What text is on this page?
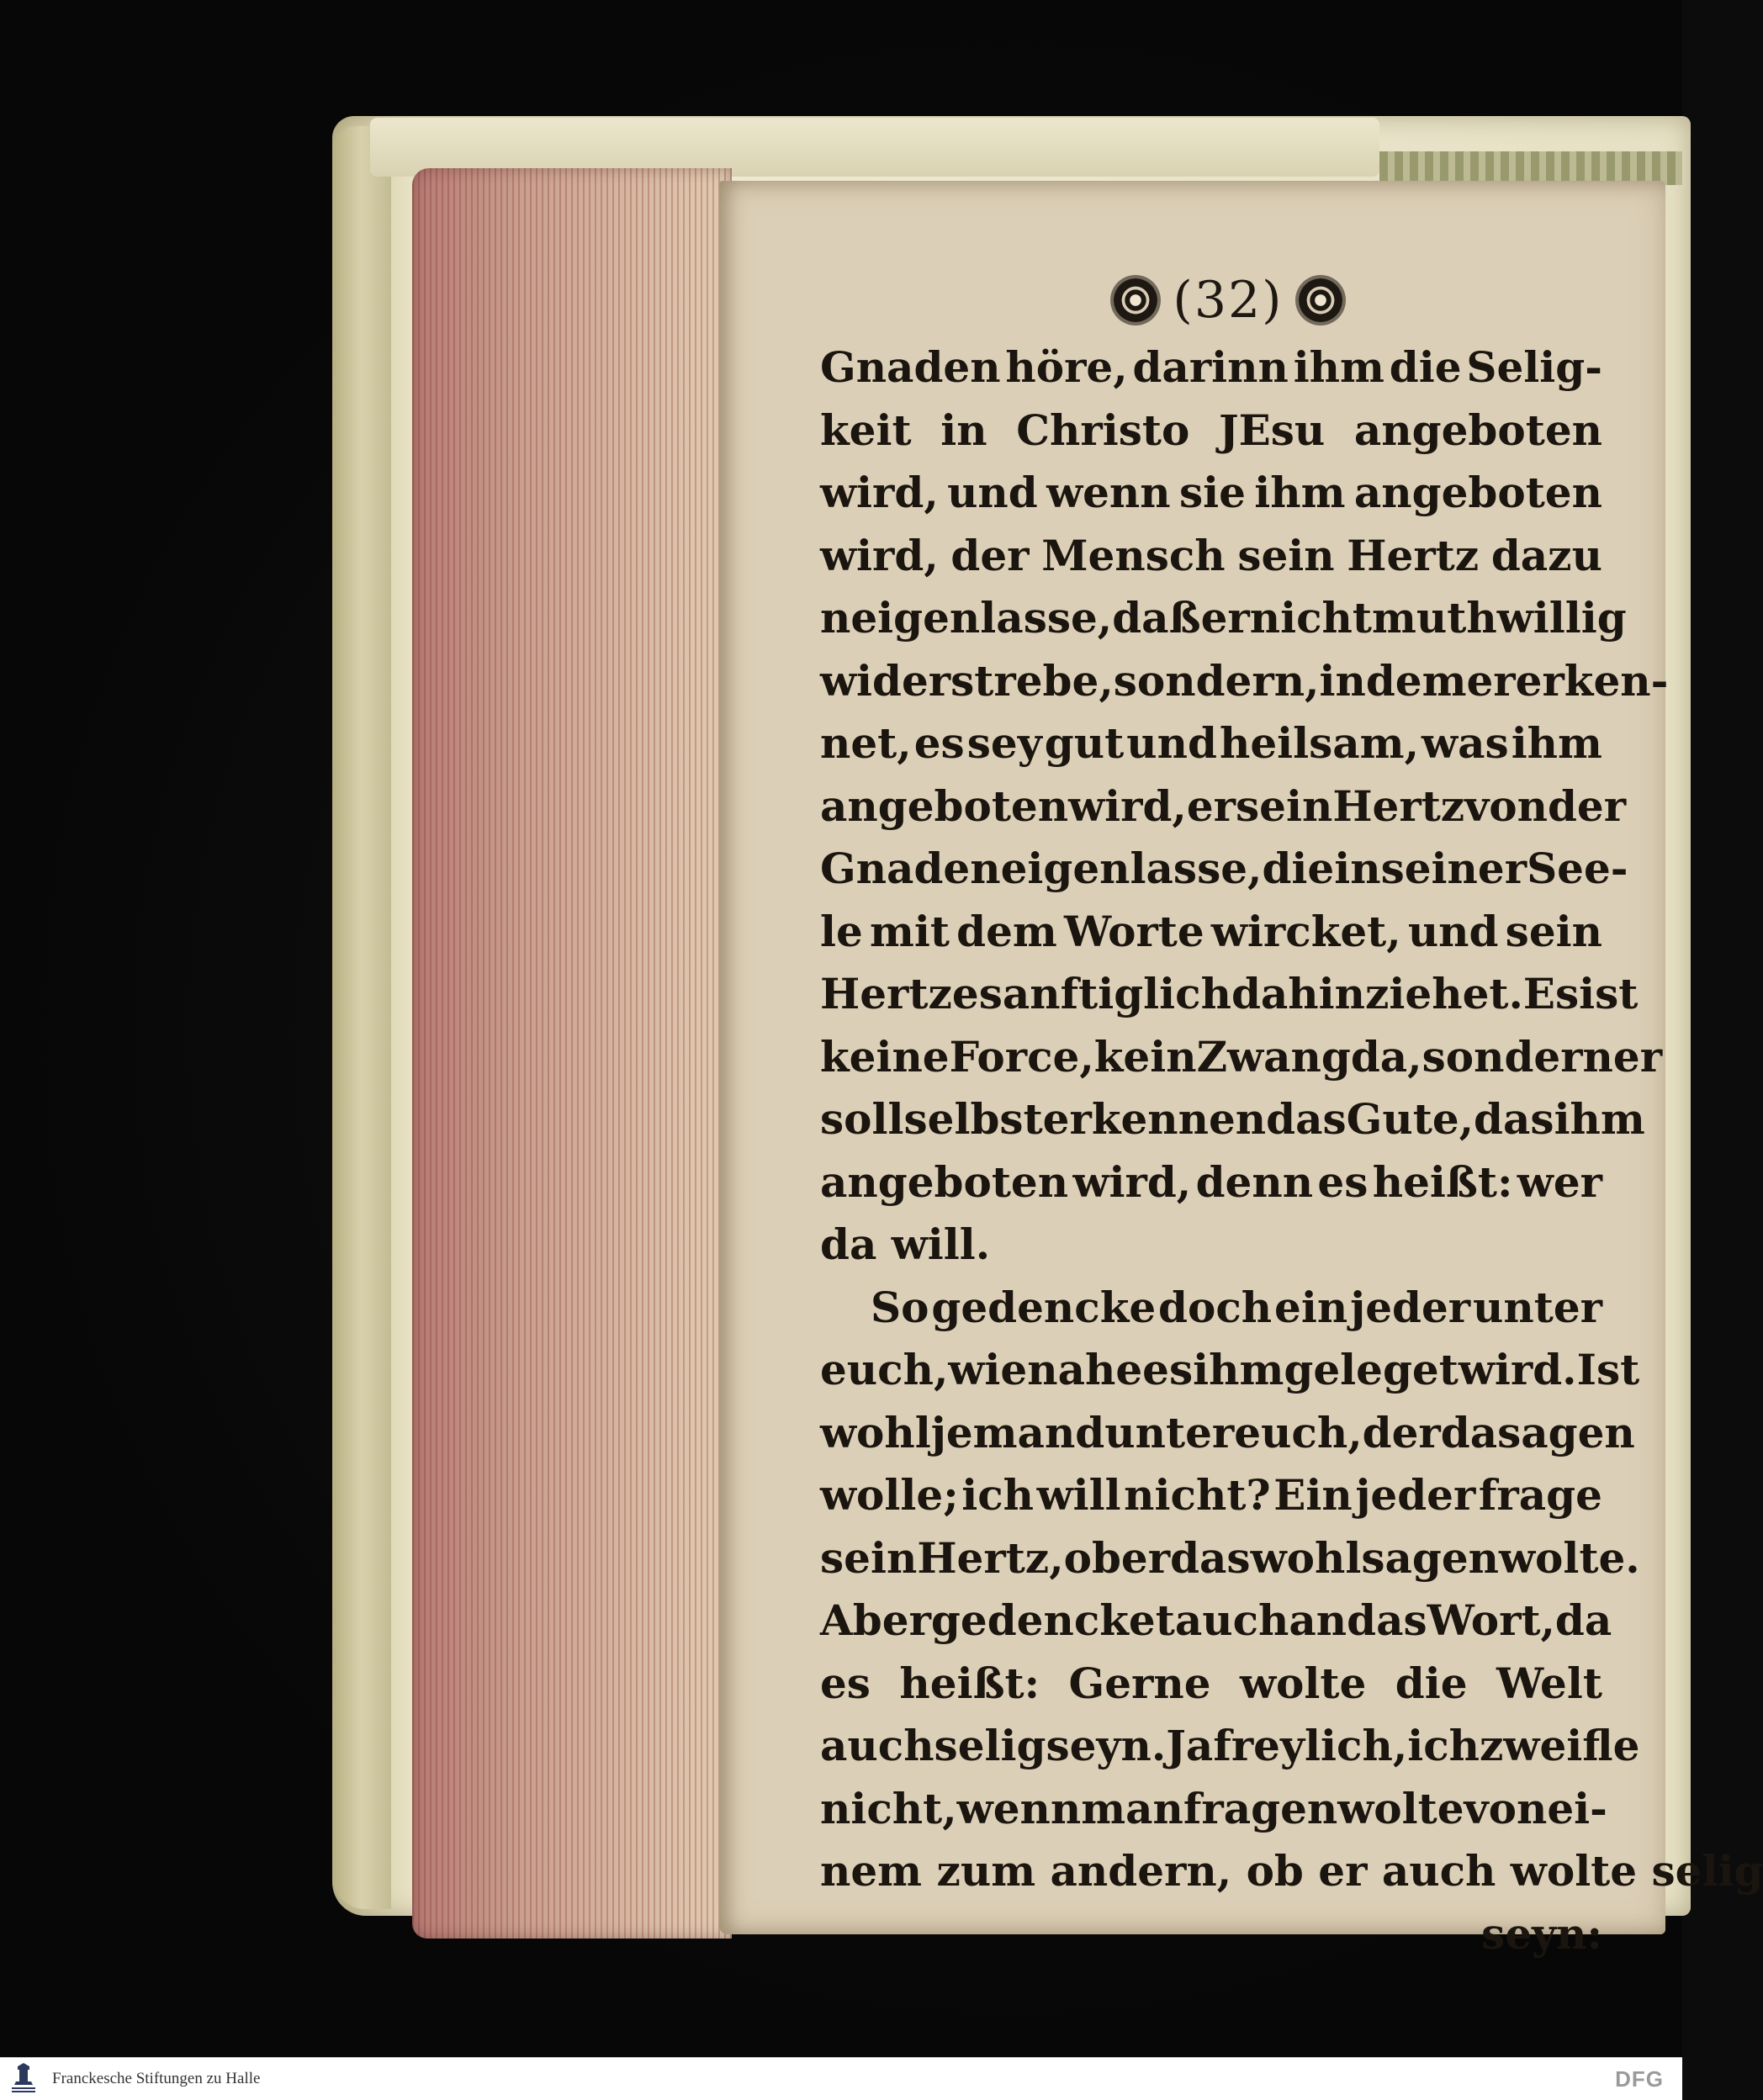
(32)
Gnaden höre, darinn ihm die Selig-
keit in Christo JEsu angeboten
wird, und wenn sie ihm angeboten
wird, der Mensch sein Hertz dazu
neigen lasse, daß er nicht muthwillig
widerstrebe, sondern, indem er erken-
net, es sey gut und heilsam, was ihm
angeboten wird, er sein Hertz von der
Gnade neigen lasse, die in seiner See-
le mit dem Worte wircket, und sein
Hertze sanftiglich dahin ziehet. Es ist
keine Force, kein Zwang da, sondern er
soll selbst erkennen das Gute, das ihm
angeboten wird, denn es heißt: wer
da will.
So gedencke doch ein jeder unter
euch, wie nahe es ihm geleget wird. Ist
wohl jemand unter euch, der da sagen
wolle; ich will nicht? Ein jeder frage
sein Hertz, ob er das wohl sagen wolte.
Aber gedencket auch an das Wort, da
es heißt: Gerne wolte die Welt
auch selig seyn. Ja freylich, ich zweifle
nicht, wenn man fragen wolte von ei-
nem zum andern, ob er auch wolte selig
seyn:
Franckesche Stiftungen zu Halle	DFG
